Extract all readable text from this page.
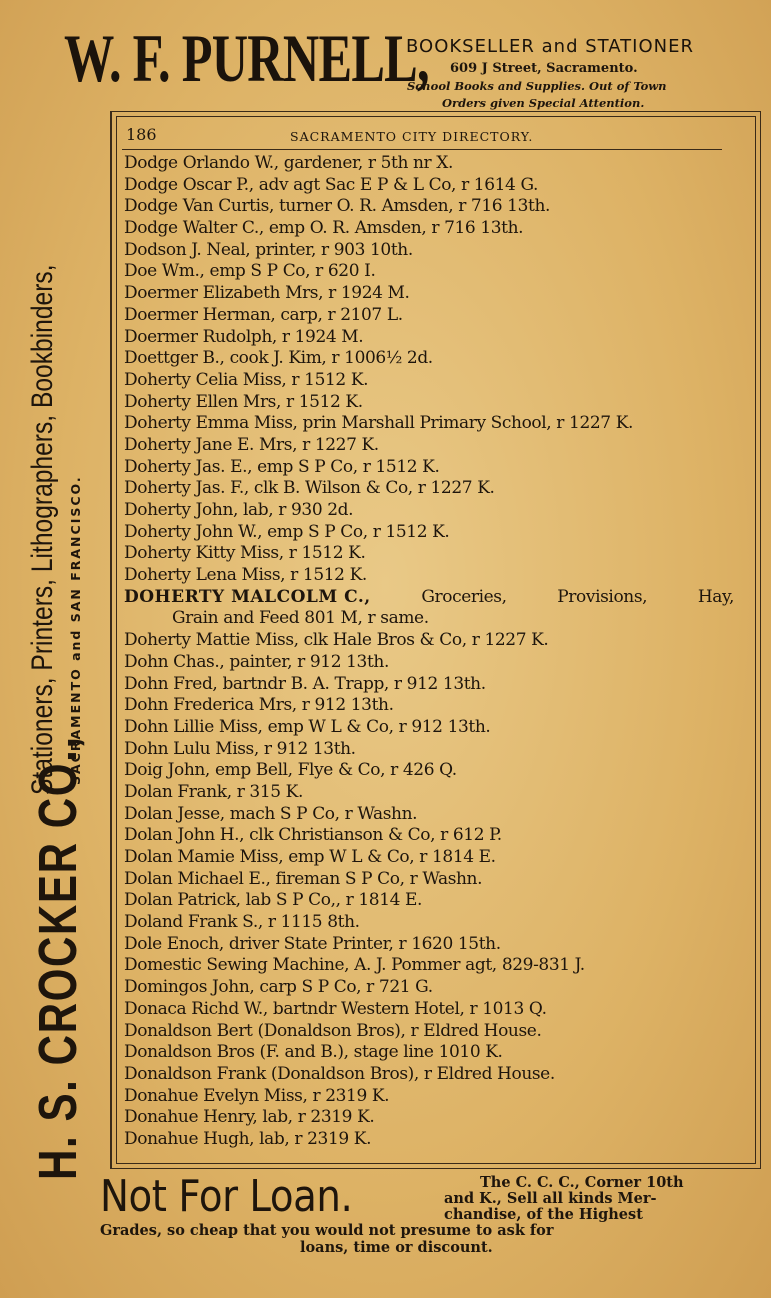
W. F. PURNELL,
BOOKSELLER and STATIONER
609 J Street, Sacramento.
School Books and Supplies. Out of Town
Orders given Special Attention.
H. S. CROCKER CO.,
Stationers, Printers, Lithographers, Bookbinders, SACRAMENTO and SAN FRANCISCO.
186	SACRAMENTO CITY DIRECTORY.
Dodge Orlando W., gardener, r 5th nr X.
Dodge Oscar P., adv agt Sac E P & L Co, r 1614 G.
Dodge Van Curtis, turner O. R. Amsden, r 716 13th.
Dodge Walter C., emp O. R. Amsden, r 716 13th.
Dodson J. Neal, printer, r 903 10th.
Doe Wm., emp S P Co, r 620 I.
Doermer Elizabeth Mrs, r 1924 M.
Doermer Herman, carp, r 2107 L.
Doermer Rudolph, r 1924 M.
Doettger B., cook J. Kim, r 1006½ 2d.
Doherty Celia Miss, r 1512 K.
Doherty Ellen Mrs, r 1512 K.
Doherty Emma Miss, prin Marshall Primary School, r 1227 K.
Doherty Jane E. Mrs, r 1227 K.
Doherty Jas. E., emp S P Co, r 1512 K.
Doherty Jas. F., clk B. Wilson & Co, r 1227 K.
Doherty John, lab, r 930 2d.
Doherty John W., emp S P Co, r 1512 K.
Doherty Kitty Miss, r 1512 K.
Doherty Lena Miss, r 1512 K.
DOHERTY MALCOLM C.,	Groceries,	Provisions,	Hay,
Grain and Feed 801 M, r same.
Doherty Mattie Miss, clk Hale Bros & Co, r 1227 K.
Dohn Chas., painter, r 912 13th.
Dohn Fred, bartndr B. A. Trapp, r 912 13th.
Dohn Frederica Mrs, r 912 13th.
Dohn Lillie Miss, emp W L & Co, r 912 13th.
Dohn Lulu Miss, r 912 13th.
Doig John, emp Bell, Flye & Co, r 426 Q.
Dolan Frank, r 315 K.
Dolan Jesse, mach S P Co, r Washn.
Dolan John H., clk Christianson & Co, r 612 P.
Dolan Mamie Miss, emp W L & Co, r 1814 E.
Dolan Michael E., fireman S P Co, r Washn.
Dolan Patrick, lab S P Co,, r 1814 E.
Doland Frank S., r 1115 8th.
Dole Enoch, driver State Printer, r 1620 15th.
Domestic Sewing Machine, A. J. Pommer agt, 829-831 J.
Domingos John, carp S P Co, r 721 G.
Donaca Richd W., bartndr Western Hotel, r 1013 Q.
Donaldson Bert (Donaldson Bros), r Eldred House.
Donaldson Bros (F. and B.), stage line 1010 K.
Donaldson Frank (Donaldson Bros), r Eldred House.
Donahue Evelyn Miss, r 2319 K.
Donahue Henry, lab, r 2319 K.
Donahue Hugh, lab, r 2319 K.
Not For Loan.	The C. C. C., Corner 10th
and K., Sell all kinds Mer-
chandise, of the Highest
Grades, so cheap that you would not presume to ask for
loans, time or discount.
